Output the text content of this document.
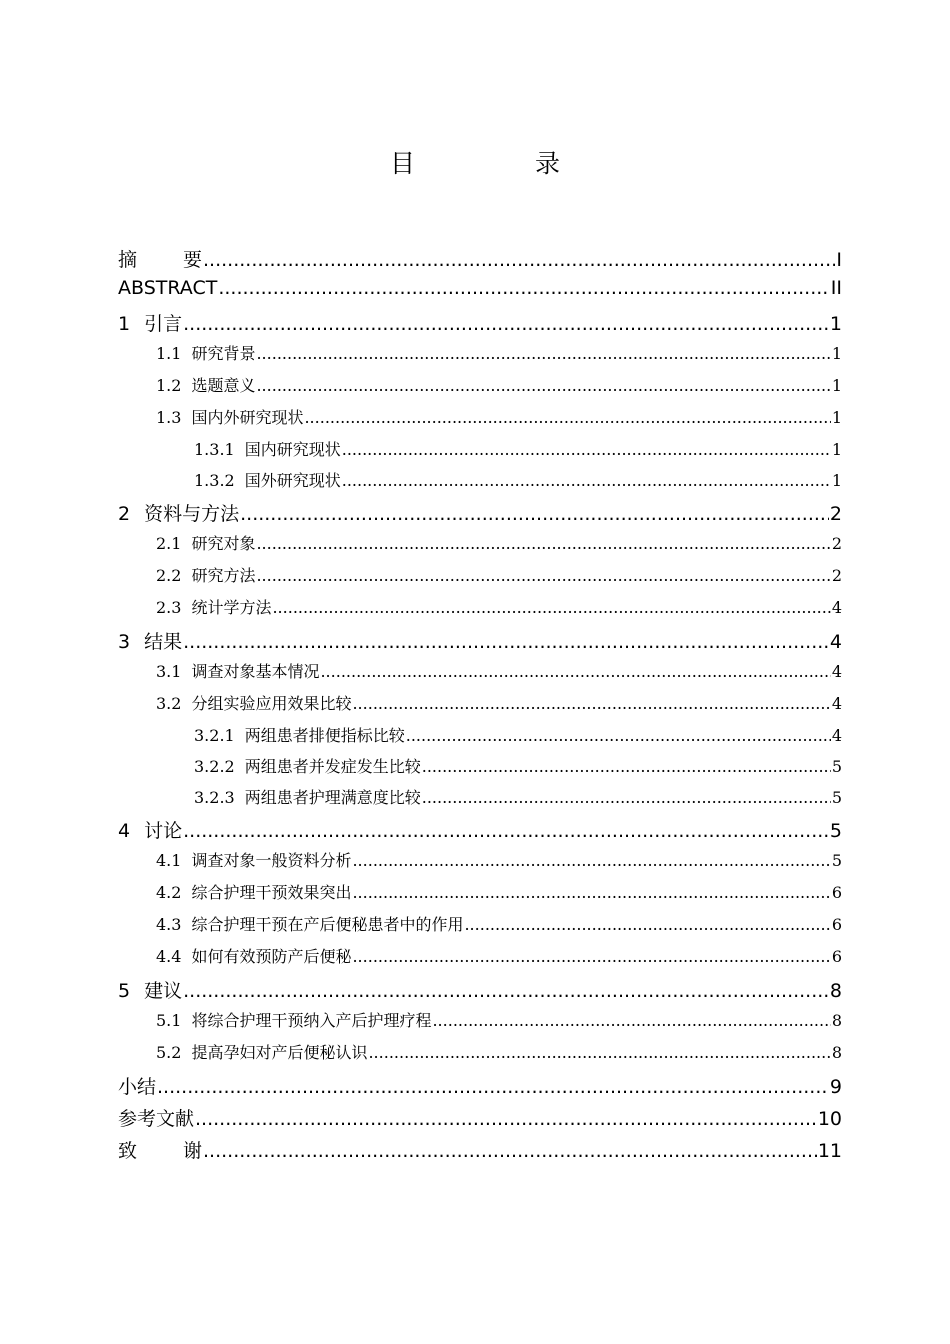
目 录
摘要 .....	I
ABSTRACT .....	II
1 引言 .....	1
1.1 研究背景 .....	1
1.2 选题意义 .....	1
1.3 国内外研究现状 .....	1
1.3.1 国内研究现状 .....	1
1.3.2 国外研究现状 .....	1
2 资料与方法 .....	2
2.1 研究对象 .....	2
2.2 研究方法 .....	2
2.3 统计学方法 .....	4
3 结果 .....	4
3.1 调查对象基本情况 .....	4
3.2 分组实验应用效果比较 .....	4
3.2.1 两组患者排便指标比较 .....	4
3.2.2 两组患者并发症发生比较 .....	5
3.2.3 两组患者护理满意度比较 .....	5
4 讨论 .....	5
4.1 调查对象一般资料分析 .....	5
4.2 综合护理干预效果突出 .....	6
4.3 综合护理干预在产后便秘患者中的作用 .....	6
4.4 如何有效预防产后便秘 .....	6
5 建议 .....	8
5.1 将综合护理干预纳入产后护理疗程 .....	8
5.2 提高孕妇对产后便秘认识 .....	8
小结 .....	9
参考文献 .....	10
致谢 .....	11
